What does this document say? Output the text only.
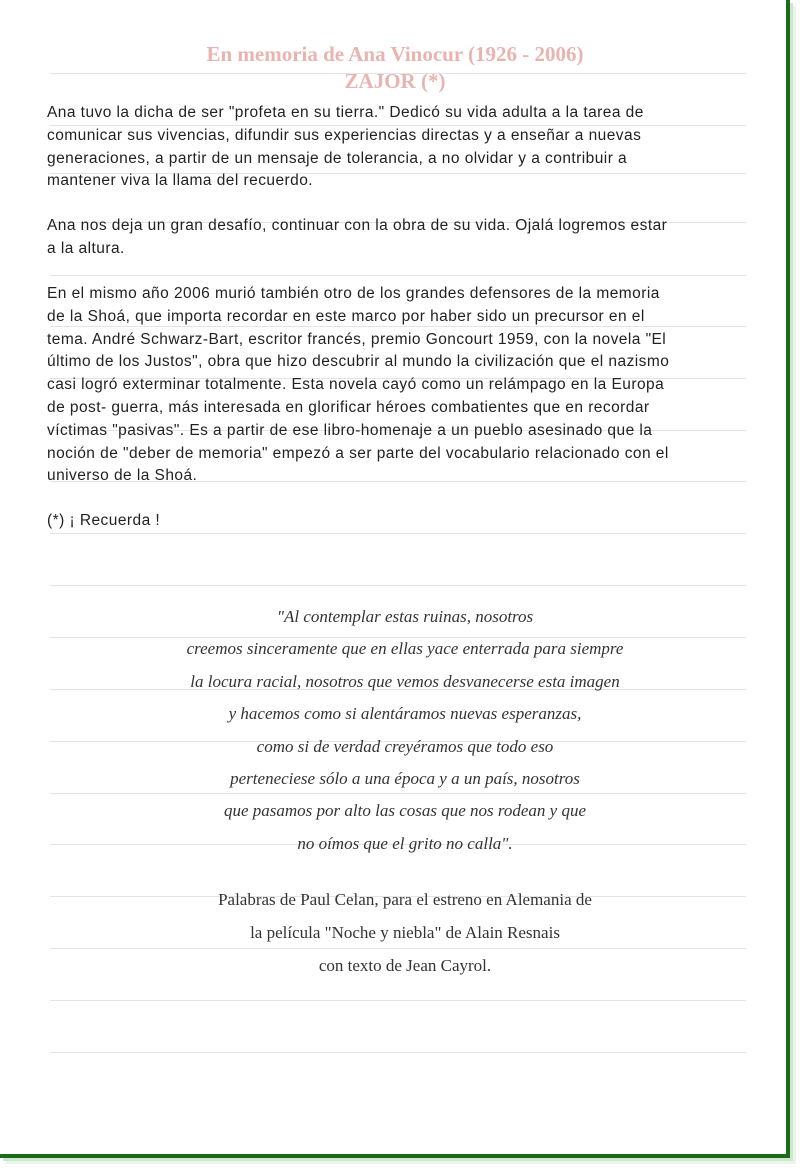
En memoria de Ana Vinocur (1926 - 2006)
ZAJOR (*)
Ana tuvo la dicha de ser "profeta en su tierra." Dedicó su vida adulta a la tarea de
comunicar sus vivencias, difundir sus experiencias directas y a enseñar a nuevas
generaciones, a partir de un mensaje de tolerancia, a no olvidar y a contribuir a
mantener viva la llama del recuerdo.
Ana nos deja un gran desafío, continuar con la obra de su vida. Ojalá logremos estar
a la altura.
En el mismo año 2006 murió también otro de los grandes defensores de la memoria
de la Shoá, que importa recordar en este marco por haber sido un precursor en el
tema. André Schwarz-Bart, escritor francés, premio Goncourt 1959, con la novela "El
último de los Justos", obra que hizo descubrir al mundo la civilización que el nazismo
casi logró exterminar totalmente. Esta novela cayó como un relámpago en la Europa
de post- guerra, más interesada en glorificar héroes combatientes que en recordar
víctimas "pasivas". Es a partir de ese libro-homenaje a un pueblo asesinado que la
noción de "deber de memoria" empezó a ser parte del vocabulario relacionado con el
universo de la Shoá.
(*) ¡ Recuerda !
"Al contemplar estas ruinas, nosotros
creemos sinceramente que en ellas yace enterrada para siempre
la locura racial, nosotros que vemos desvanecerse esta imagen
y hacemos como si alentáramos nuevas esperanzas,
como si de verdad creyéramos que todo eso
perteneciese sólo a una época y a un país, nosotros
que pasamos por alto las cosas que nos rodean y que
no oímos que el grito no calla".
Palabras de Paul Celan, para el estreno en Alemania de
la película "Noche y niebla" de Alain Resnais
con texto de Jean Cayrol.
